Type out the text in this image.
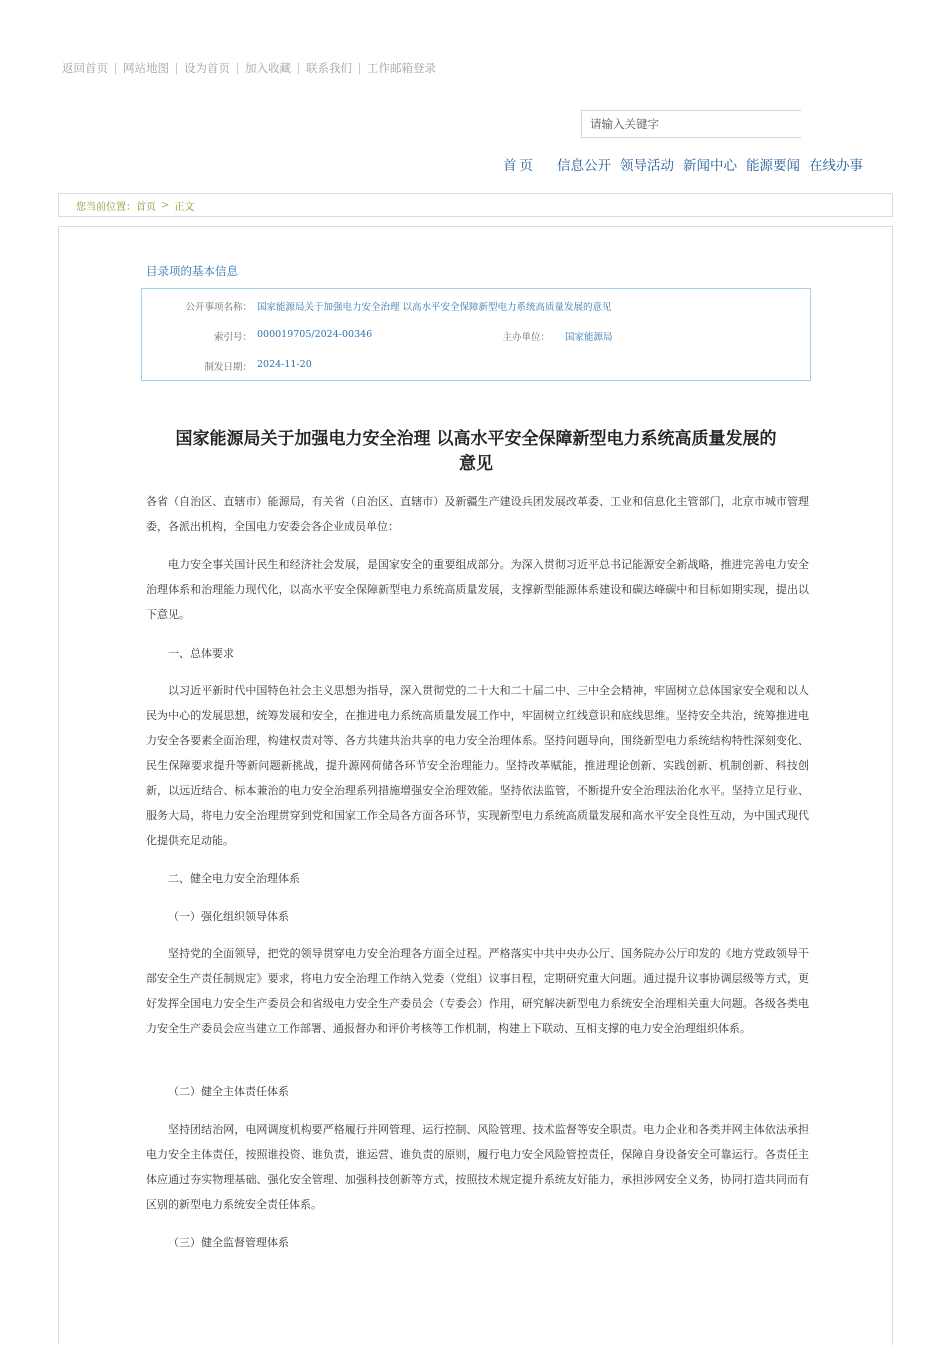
返回首页 网站地图 设为首页 加入收藏 联系我们 工作邮箱登录
请输入关键字
首页 信息公开 领导活动 新闻中心 能源要闻 在线办事
您当前位置： 首页 > 正文
目录项的基本信息
公开事项名称： 国家能源局关于加强电力安全治理 以高水平安全保障新型电力系统高质量发展的意见
索引号： 000019705/2024-00346	主办单位： 国家能源局
制发日期： 2024-11-20
国家能源局关于加强电力安全治理 以高水平安全保障新型电力系统高质量发展的
意见

各省（自治区、直辖市）能源局，有关省（自治区、直辖市）及新疆生产建设兵团发展改革委、工业和信息化主管部门，北京市城市管理委，各派出机构，全国电力安委会各企业成员单位：

电力安全事关国计民生和经济社会发展，是国家安全的重要组成部分。为深入贯彻习近平总书记能源安全新战略，推进完善电力安全治理体系和治理能力现代化，以高水平安全保障新型电力系统高质量发展，支撑新型能源体系建设和碳达峰碳中和目标如期实现，提出以下意见。

一、总体要求

以习近平新时代中国特色社会主义思想为指导，深入贯彻党的二十大和二十届二中、三中全会精神，牢固树立总体国家安全观和以人民为中心的发展思想，统筹发展和安全，在推进电力系统高质量发展工作中，牢固树立红线意识和底线思维。坚持安全共治，统筹推进电力安全各要素全面治理，构建权责对等、各方共建共治共享的电力安全治理体系。坚持问题导向，围绕新型电力系统结构特性深刻变化、民生保障要求提升等新问题新挑战，提升源网荷储各环节安全治理能力。坚持改革赋能，推进理论创新、实践创新、机制创新、科技创新，以远近结合、标本兼治的电力安全治理系列措施增强安全治理效能。坚持依法监管，不断提升安全治理法治化水平。坚持立足行业、服务大局，将电力安全治理贯穿到党和国家工作全局各方面各环节，实现新型电力系统高质量发展和高水平安全良性互动，为中国式现代化提供充足动能。

二、健全电力安全治理体系

（一）强化组织领导体系

坚持党的全面领导，把党的领导贯穿电力安全治理各方面全过程。严格落实中共中央办公厅、国务院办公厅印发的《地方党政领导干部安全生产责任制规定》要求，将电力安全治理工作纳入党委（党组）议事日程，定期研究重大问题。通过提升议事协调层级等方式，更好发挥全国电力安全生产委员会和省级电力安全生产委员会（专委会）作用，研究解决新型电力系统安全治理相关重大问题。各级各类电力安全生产委员会应当建立工作部署、通报督办和评价考核等工作机制，构建上下联动、互相支撑的电力安全治理组织体系。

（二）健全主体责任体系

坚持团结治网，电网调度机构要严格履行并网管理、运行控制、风险管理、技术监督等安全职责。电力企业和各类并网主体依法承担电力安全主体责任，按照谁投资、谁负责，谁运营、谁负责的原则，履行电力安全风险管控责任，保障自身设备安全可靠运行。各责任主体应通过夯实物理基础、强化安全管理、加强科技创新等方式，按照技术规定提升系统友好能力，承担涉网安全义务，协同打造共同而有区别的新型电力系统安全责任体系。

（三）健全监督管理体系
